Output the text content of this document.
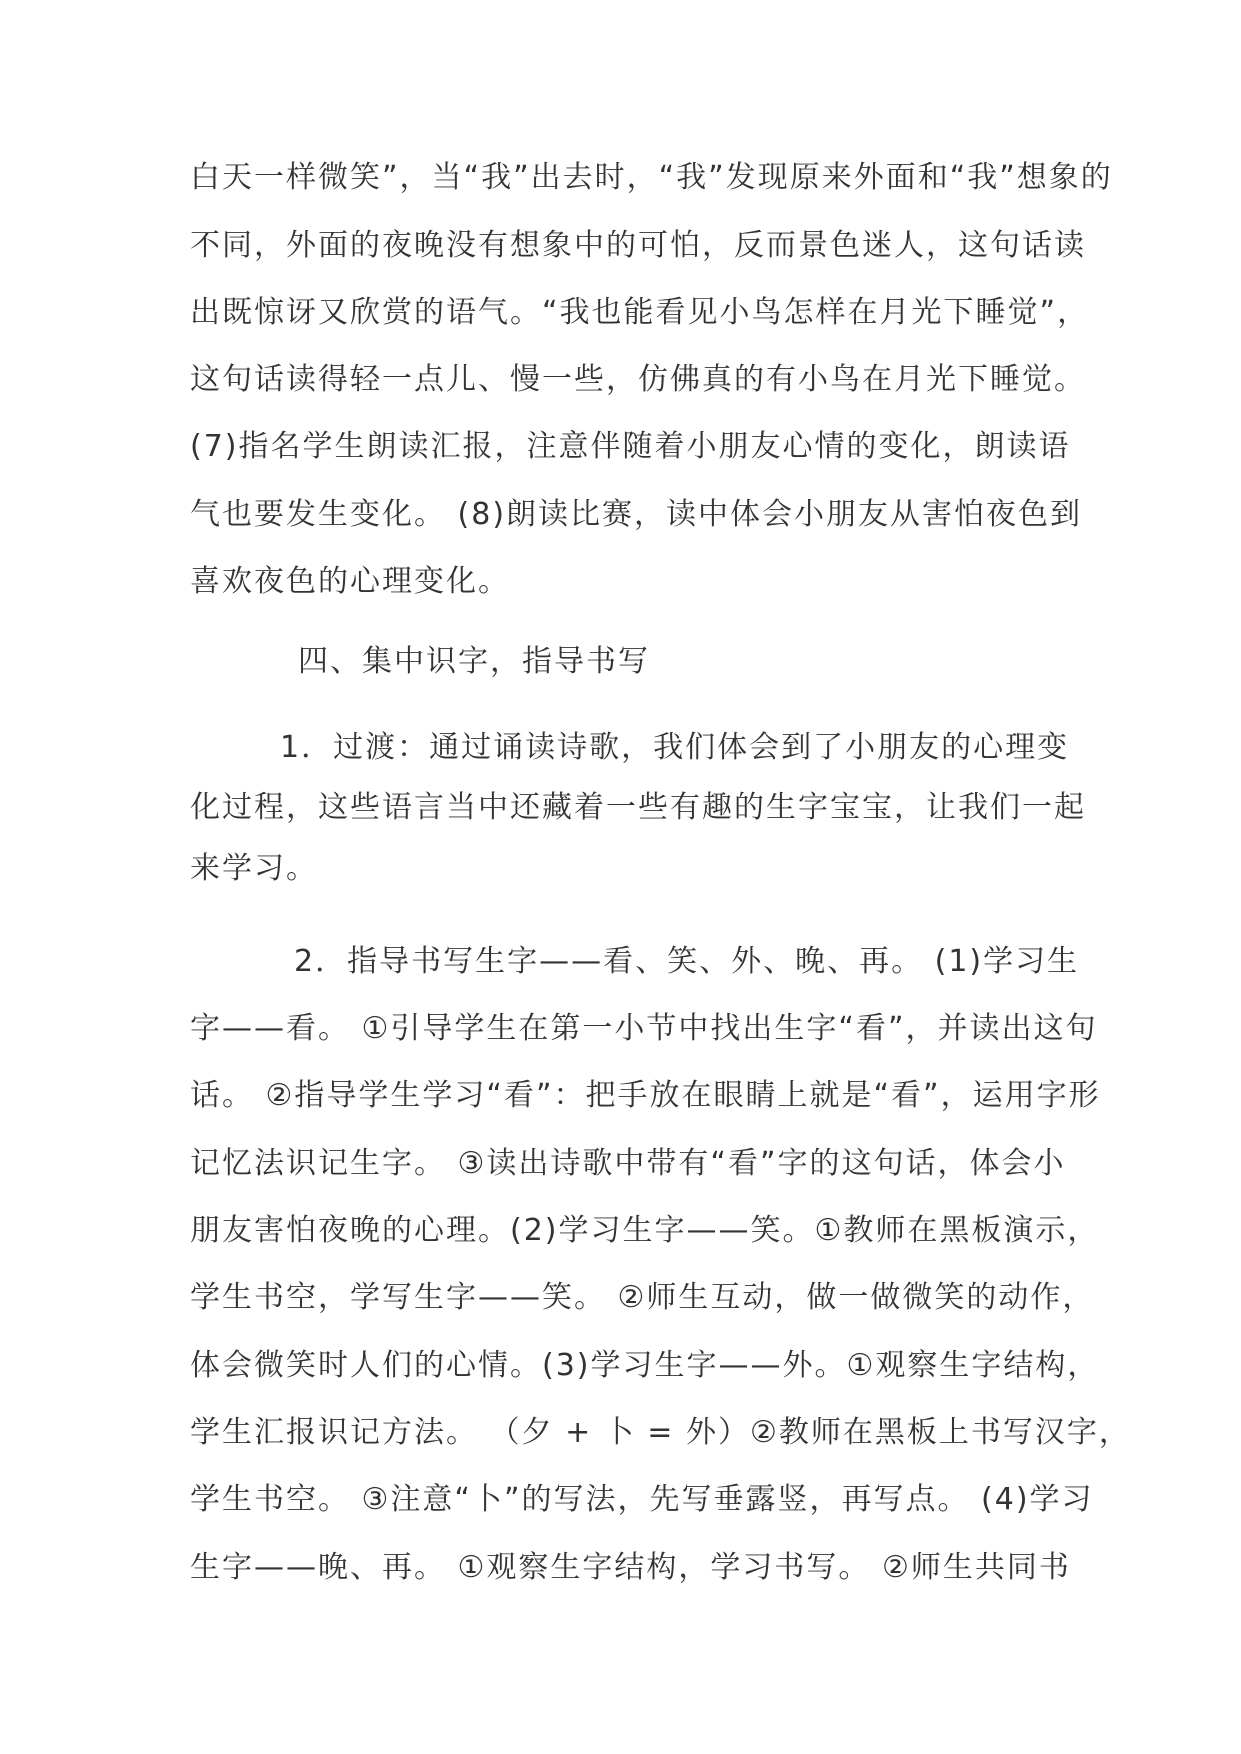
白天一样微笑”，当“我”出去时，“我”发现原来外面和“我”想象的
不同，外面的夜晚没有想象中的可怕，反而景色迷人，这句话读
出既惊讶又欣赏的语气。“我也能看见小鸟怎样在月光下睡觉”，
这句话读得轻一点儿、慢一些，仿佛真的有小鸟在月光下睡觉。
(7)指名学生朗读汇报，注意伴随着小朋友心情的变化，朗读语
气也要发生变化。 (8)朗读比赛，读中体会小朋友从害怕夜色到
喜欢夜色的心理变化。
四、集中识字，指导书写
1．过渡：通过诵读诗歌，我们体会到了小朋友的心理变
化过程，这些语言当中还藏着一些有趣的生字宝宝，让我们一起
来学习。
2．指导书写生字——看、笑、外、晚、再。 (1)学习生
字——看。 ①引导学生在第一小节中找出生字“看”，并读出这句
话。 ②指导学生学习“看”：把手放在眼睛上就是“看”，运用字形
记忆法识记生字。 ③读出诗歌中带有“看”字的这句话，体会小
朋友害怕夜晚的心理。(2)学习生字——笑。①教师在黑板演示，
学生书空，学写生字——笑。 ②师生互动，做一做微笑的动作，
体会微笑时人们的心情。(3)学习生字——外。①观察生字结构，
学生汇报识记方法。 （夕 + 卜 = 外）②教师在黑板上书写汉字，
学生书空。 ③注意“卜”的写法，先写垂露竖，再写点。 (4)学习
生字——晚、再。 ①观察生字结构，学习书写。 ②师生共同书
